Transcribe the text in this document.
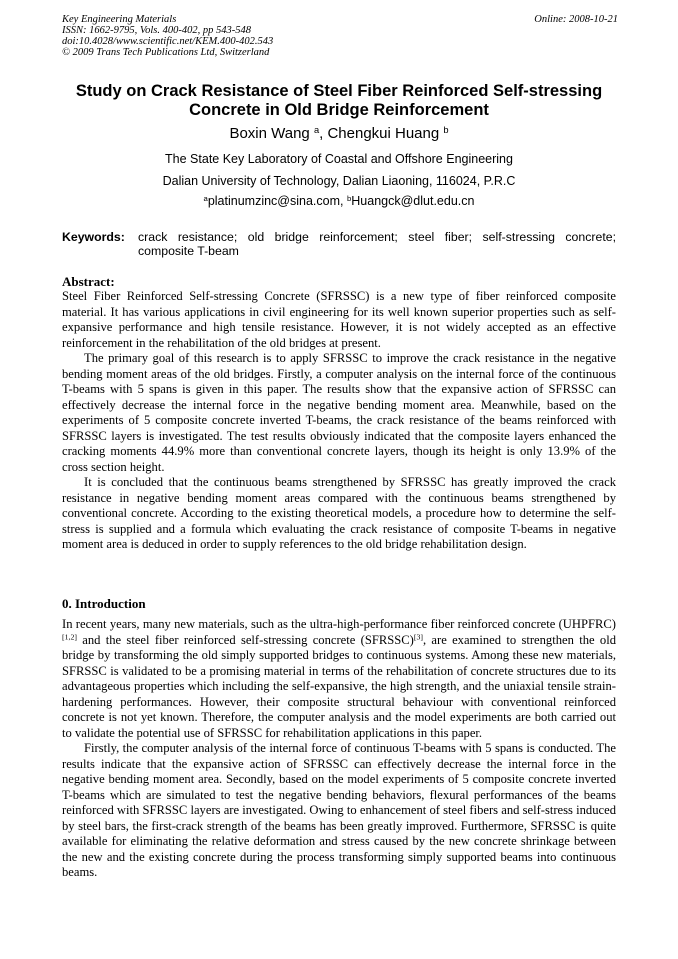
Key Engineering Materials
ISSN: 1662-9795, Vols. 400-402, pp 543-548
doi:10.4028/www.scientific.net/KEM.400-402.543
© 2009 Trans Tech Publications Ltd, Switzerland
Online: 2008-10-21
Study on Crack Resistance of Steel Fiber Reinforced Self-stressing
Concrete in Old Bridge Reinforcement
Boxin Wang $^a$, Chengkui Huang $^b$
The State Key Laboratory of Coastal and Offshore Engineering
Dalian University of Technology, Dalian Liaoning, 116024, P.R.C
$^a$platinumzinc@sina.com, $^b$Huangck@dlut.edu.cn
Keywords: crack resistance; old bridge reinforcement; steel fiber; self-stressing concrete; composite T-beam
Abstract:

Steel Fiber Reinforced Self-stressing Concrete (SFRSSC) is a new type of fiber reinforced composite material. It has various applications in civil engineering for its well known superior properties such as self-expansive performance and high tensile resistance. However, it is not widely accepted as an effective reinforcement in the rehabilitation of the old bridges at present.

The primary goal of this research is to apply SFRSSC to improve the crack resistance in the negative bending moment areas of the old bridges. Firstly, a computer analysis on the internal force of the continuous T-beams with 5 spans is given in this paper. The results show that the expansive action of SFRSSC can effectively decrease the internal force in the negative bending moment area. Meanwhile, based on the experiments of 5 composite concrete inverted T-beams, the crack resistance of the beams reinforced with SFRSSC layers is investigated. The test results obviously indicated that the composite layers enhanced the cracking moments 44.9% more than conventional concrete layers, though its height is only 13.9% of the cross section height.

It is concluded that the continuous beams strengthened by SFRSSC has greatly improved the crack resistance in negative bending moment areas compared with the continuous beams strengthened by conventional concrete. According to the existing theoretical models, a procedure how to determine the self-stress is supplied and a formula which evaluating the crack resistance of composite T-beams in negative moment area is deduced in order to supply references to the old bridge rehabilitation design.

0. Introduction

In recent years, many new materials, such as the ultra-high-performance fiber reinforced concrete (UHPFRC)[1,2] and the steel fiber reinforced self-stressing concrete (SFRSSC)[3], are examined to strengthen the old bridge by transforming the old simply supported bridges to continuous systems. Among these new materials, SFRSSC is validated to be a promising material in terms of the rehabilitation of concrete structures due to its advantageous properties which including the self-expansive, the high strength, and the uniaxial tensile strain-hardening performances. However, their composite structural behaviour with conventional reinforced concrete is not yet known. Therefore, the computer analysis and the model experiments are both carried out to validate the potential use of SFRSSC for rehabilitation applications in this paper.

Firstly, the computer analysis of the internal force of continuous T-beams with 5 spans is conducted. The results indicate that the expansive action of SFRSSC can effectively decrease the internal force in the negative bending moment area. Secondly, based on the model experiments of 5 composite concrete inverted T-beams which are simulated to test the negative bending behaviors, flexural performances of the beams reinforced with SFRSSC layers are investigated. Owing to enhancement of steel fibers and self-stress induced by steel bars, the first-crack strength of the beams has been greatly improved. Furthermore, SFRSSC is quite available for eliminating the relative deformation and stress caused by the new concrete shrinkage between the new and the existing concrete during the process transforming simply supported beams into continuous beams.
